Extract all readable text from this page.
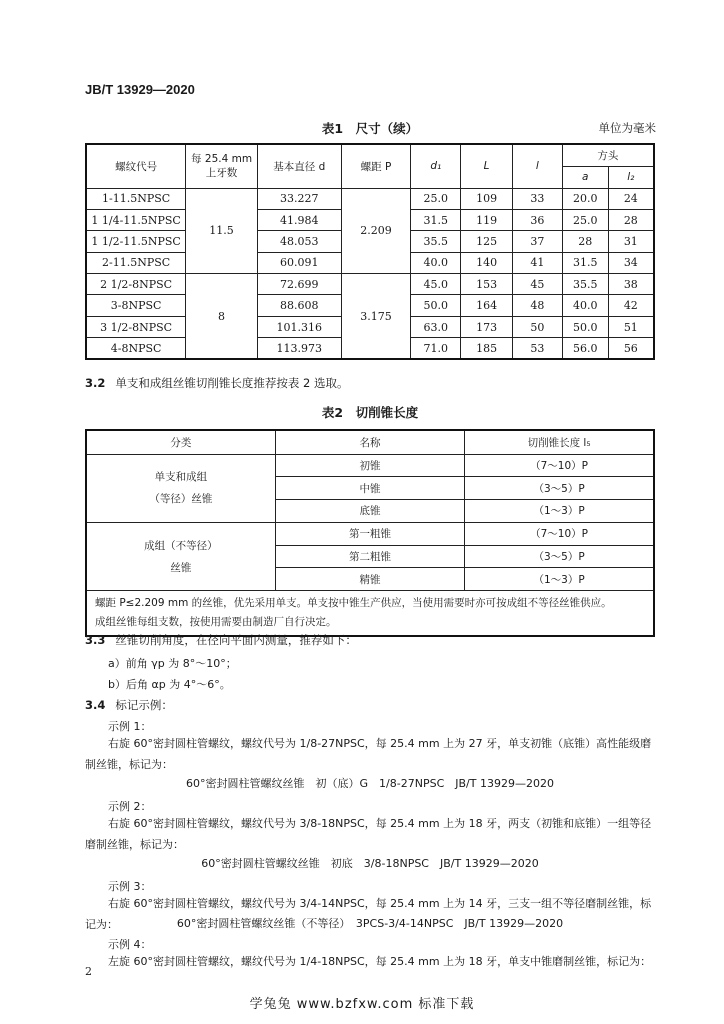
JB/T 13929—2020
表1　尺寸（续）	单位为毫米
螺纹代号	每 25.4 mm
上牙数	基本直径 d	螺距 P	d₁	L	l	方头	
							a	l₂
1-11.5NPSC	11.5	33.227	2.209	25.0	109	33	20.0	24
1 1/4-11.5NPSC		41.984		31.5	119	36	25.0	28
1 1/2-11.5NPSC		48.053		35.5	125	37	28	31
2-11.5NPSC		60.091		40.0	140	41	31.5	34
2 1/2-8NPSC	8	72.699	3.175	45.0	153	45	35.5	38
3-8NPSC		88.608		50.0	164	48	40.0	42
3 1/2-8NPSC		101.316		63.0	173	50	50.0	51
4-8NPSC		113.973		71.0	185	53	56.0	56
3.2 单支和成组丝锥切削锥长度推荐按表 2 选取。
表2　切削锥长度
分类	名称	切削锥长度 l₅
单支和成组
（等径）丝锥	初锥	（7～10）P
	中锥	（3～5）P
	底锥	（1～3）P
成组（不等径）
丝锥	第一粗锥	（7～10）P
	第二粗锥	（3～5）P
	精锥	（1～3）P
螺距 P≤2.209 mm 的丝锥，优先采用单支。单支按中锥生产供应，当使用需要时亦可按成组不等径丝锥供应。
成组丝锥每组支数，按使用需要由制造厂自行决定。		
3.3 丝锥切削角度，在径向平面内测量，推荐如下：
a）前角 γp 为 8°～10°；
b）后角 αp 为 4°～6°。
3.4 标记示例：
示例 1：
右旋 60°密封圆柱管螺纹，螺纹代号为 1/8-27NPSC，每 25.4 mm 上为 27 牙，单支初锥（底锥）高性能级磨制丝锥，标记为：
60°密封圆柱管螺纹丝锥　初（底）G　1/8-27NPSC　JB/T 13929—2020
示例 2：
右旋 60°密封圆柱管螺纹，螺纹代号为 3/8-18NPSC，每 25.4 mm 上为 18 牙，两支（初锥和底锥）一组等径磨制丝锥，标记为：
60°密封圆柱管螺纹丝锥　初底　3/8-18NPSC　JB/T 13929—2020
示例 3：
右旋 60°密封圆柱管螺纹，螺纹代号为 3/4-14NPSC，每 25.4 mm 上为 14 牙，三支一组不等径磨制丝锥，标记为：	60°密封圆柱管螺纹丝锥（不等径）　3PCS-3/4-14NPSC　JB/T 13929—2020
示例 4：
左旋 60°密封圆柱管螺纹，螺纹代号为 1/4-18NPSC，每 25.4 mm 上为 18 牙，单支中锥磨制丝锥，标记为：
2
学兔兔 www.bzfxw.com 标准下载
